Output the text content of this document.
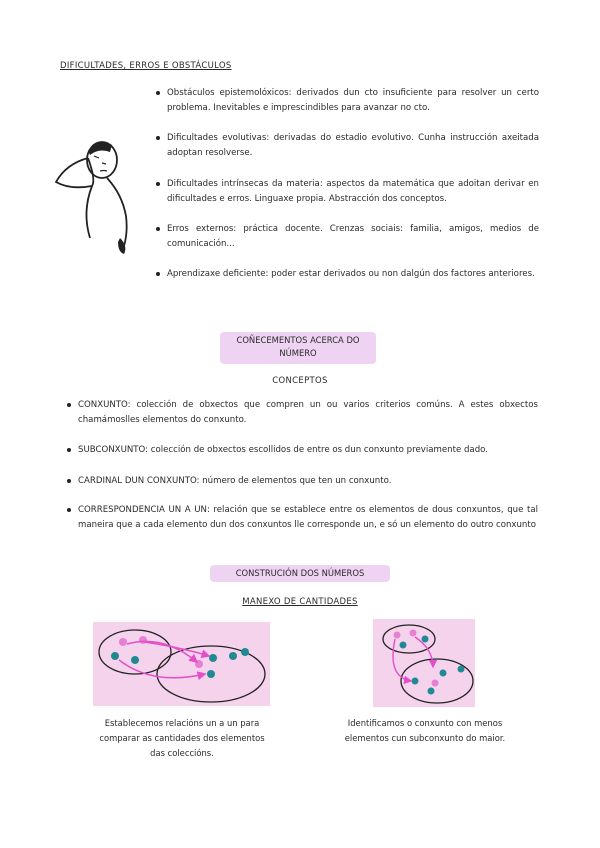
DIFICULTADES, ERROS E OBSTÁCULOS
Obstáculos epistemolóxicos: derivados dun cto insuficiente para resolver un certo problema. Inevitables e imprescindibles para avanzar no cto.
Dificultades evolutivas: derivadas do estadio evolutivo. Cunha instrucción axeitada adoptan resolverse.
Dificultades intrínsecas da materia: aspectos da matemática que adoitan derivar en dificultades e erros. Linguaxe propia. Abstracción dos conceptos.
Erros externos: práctica docente. Crenzas sociais: familia, amigos, medios de comunicación...
Aprendizaxe deficiente: poder estar derivados ou non dalgún dos factores anteriores.
COÑECEMENTOS ACERCA DO
NÚMERO
CONCEPTOS
CONXUNTO: colección de obxectos que compren un ou varios criterios comúns. A estes obxectos chamámoslles elementos do conxunto.
SUBCONXUNTO: colección de obxectos escollidos de entre os dun conxunto previamente dado.
CARDINAL DUN CONXUNTO: número de elementos que ten un conxunto.
CORRESPONDENCIA UN A UN: relación que se establece entre os elementos de dous conxuntos, que tal maneira que a cada elemento dun dos conxuntos lle corresponde un, e só un elemento do outro conxunto
CONSTRUCIÓN DOS NÚMEROS
MANEXO DE CANTIDADES
Establecemos relacións un a un para comparar as cantidades dos elementos das coleccións.
Identificamos o conxunto con menos elementos cun subconxunto do maior.
